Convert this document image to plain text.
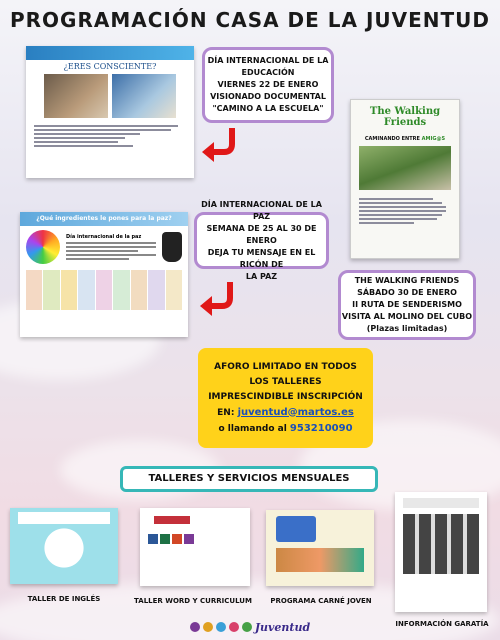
PROGRAMACIÓN CASA DE LA JUVENTUD
¿ERES CONSCIENTE?
DÍA INTERNACIONAL DE LA
EDUCACIÓN
VIERNES 22 DE ENERO
VISIONADO DOCUMENTAL
"CAMINO A LA ESCUELA"	The Walking Friends
CAMINANDO ENTRE AMIG@S
¿Qué ingredientes le pones para la paz?
Día internacional de la paz
DÍA INTERNACIONAL DE LA PAZ
SEMANA DE 25 AL 30 DE ENERO
DEJA TU MENSAJE EN EL RICÓN DE
LA PAZ	THE WALKING FRIENDS
SÁBADO 30 DE ENERO
II RUTA DE SENDERISMO
VISITA AL MOLINO DEL CUBO
(Plazas limitadas)
AFORO LIMITADO EN TODOS
LOS TALLERES
IMPRESCINDIBLE INSCRIPCIÓN
EN: juventud@martos.es
o llamando al 953210090
TALLERES Y SERVICIOS MENSUALES
TALLER DE INGLÉS	TALLER WORD Y CURRICULUM	PROGRAMA CARNÉ JOVEN
INFORMACIÓN GARATÍA
Juventud
